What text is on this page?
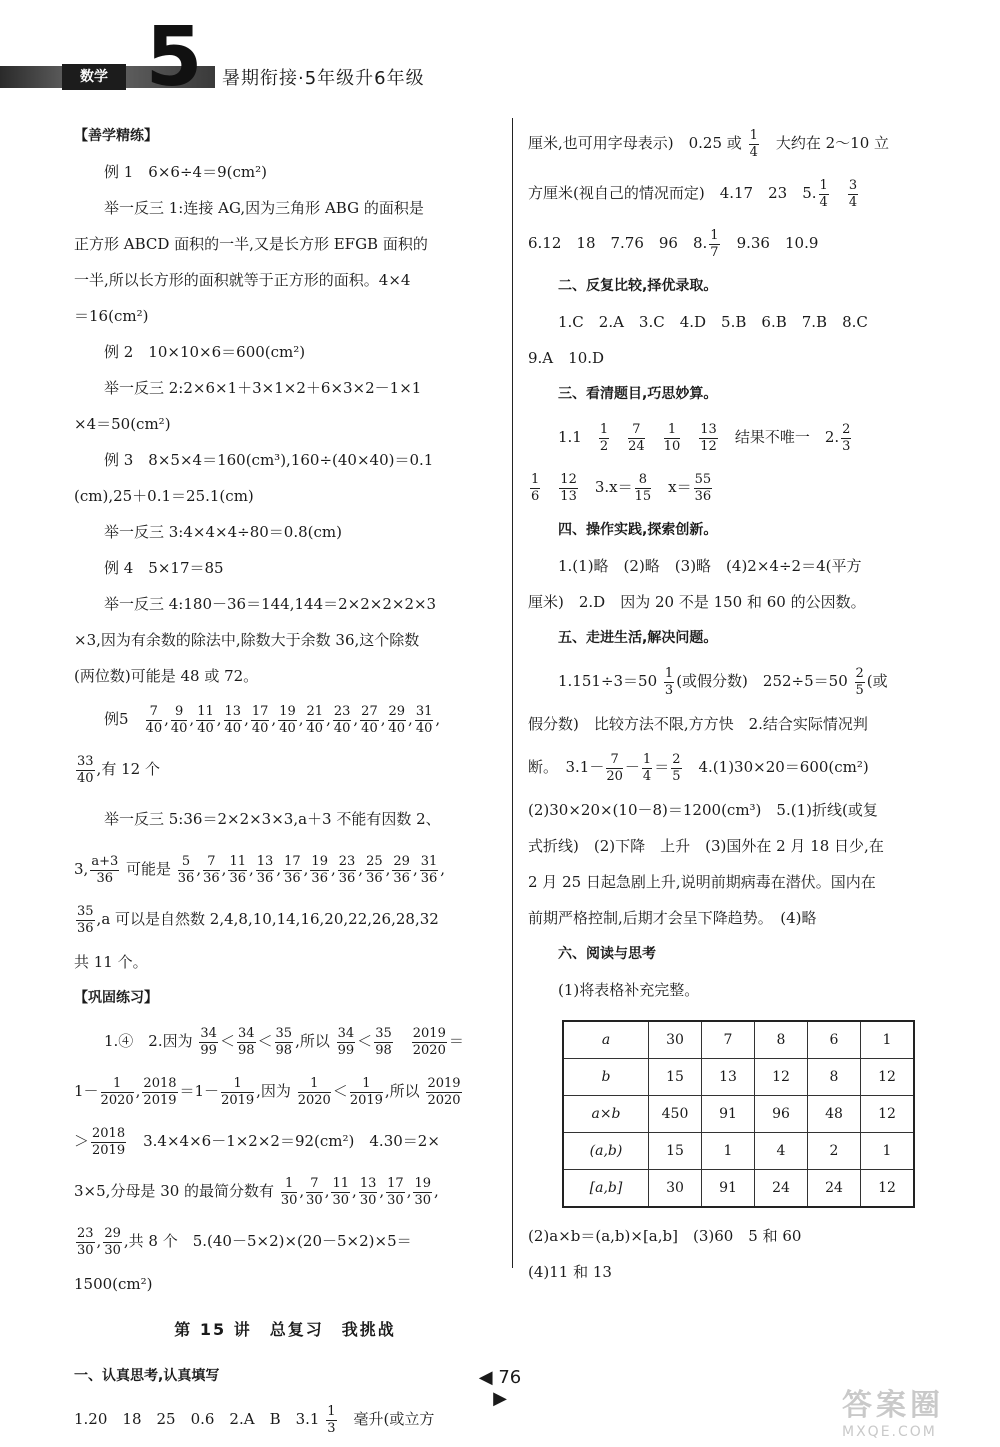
数学 5	暑期衔接·5年级升6年级
【善学精练】
例 1　6×6÷4＝9(cm²)
举一反三 1:连接 AG,因为三角形 ABG 的面积是
正方形 ABCD 面积的一半,又是长方形 EFGB 面积的
一半,所以长方形的面积就等于正方形的面积。4×4
＝16(cm²)
例 2　10×10×6＝600(cm²)
举一反三 2:2×6×1＋3×1×2＋6×3×2－1×1
×4＝50(cm²)
例 3　8×5×4＝160(cm³),160÷(40×40)＝0.1
(cm),25＋0.1＝25.1(cm)
举一反三 3:4×4×4÷80＝0.8(cm)
例 4　5×17＝85
举一反三 4:180－36＝144,144＝2×2×2×2×3
×3,因为有余数的除法中,除数大于余数 36,这个除数
(两位数)可能是 48 或 72。
例5　 $\frac{7}{40}$ , $\frac{9}{40}$ , $\frac{11}{40}$ , $\frac{13}{40}$ , $\frac{17}{40}$ , $\frac{19}{40}$ , $\frac{21}{40}$ , $\frac{23}{40}$ , $\frac{27}{40}$ , $\frac{29}{40}$ , $\frac{31}{40}$ ,
$\frac{33}{40}$ ,有 12 个
举一反三 5:36＝2×2×3×3,a＋3 不能有因数 2、
3, $\frac{a+3}{36}$ 可能是 $\frac{5}{36}$ , $\frac{7}{36}$ , $\frac{11}{36}$ , $\frac{13}{36}$ , $\frac{17}{36}$ , $\frac{19}{36}$ , $\frac{23}{36}$ , $\frac{25}{36}$ , $\frac{29}{36}$ , $\frac{31}{36}$ ,
$\frac{35}{36} ,a$ 可以是自然数 2,4,8,10,14,16,20,22,26,28,32
共 11 个。
【巩固练习】
1.④　2.因为 $\frac{34}{99} < \frac{34}{98} < \frac{35}{98}$ ,所以 $\frac{34}{99} < \frac{35}{98}$
　 $\frac{2019}{2020}$ ＝
$1- \frac{1}{2020}$ , $\frac{2018}{2019} =1- \frac{1}{2019}$ ,因为 $\frac{1}{2020} < \frac{1}{2019}$ ,所以 $\frac{2019}{2020}$
＞ $\frac{2018}{2019}$ 　3.4×4×6－1×2×2＝92(cm²)　4.30＝2×
3×5,分母是 30 的最简分数有 $\frac{1}{30}$ , $\frac{7}{30}$ , $\frac{11}{30}$ , $\frac{13}{30}$ , $\frac{17}{30}$ , $\frac{19}{30}$ ,
$\frac{23}{30}$ , $\frac{29}{30}$ ,共 8 个　5.(40－5×2)×(20－5×2)×5＝
1500(cm²)
第 15 讲　总复习　我挑战
一、认真思考,认真填写
1.20　18　25　0.6　2.A　B　$3.1 \frac{1}{3}$ 　毫升(或立方
厘米,也可用字母表示)　0.25 或 $\frac{1}{4}$ 　大约在 2～10 立
方厘米(视自己的情况而定)　4.17　23　5. $\frac{1}{4}$
　 $\frac{3}{4}$
6.12　18　7.76　96　8. $\frac{1}{7}$ 　9.36　10.9
二、反复比较,择优录取。
1.C　2.A　3.C　4.D　5.B　6.B　7.B　8.C
9.A　10.D
三、看清题目,巧思妙算。
1.1　 $\frac{1}{2}$
　 $\frac{7}{24}$
　 $\frac{1}{10}$
　 $\frac{13}{12}$ 　结果不唯一　2. $\frac{2}{3}$
$\frac{1}{6}$
　 $\frac{12}{13}$ 　$3.x= \frac{8}{15}$ 　$x= \frac{55}{36}$
四、操作实践,探索创新。
1.(1)略　(2)略　(3)略　(4)2×4÷2＝4(平方
厘米)　2.D　因为 20 不是 150 和 60 的公因数。
五、走进生活,解决问题。
$1.151\div 3=50 \frac{1}{3}$ (或假分数)　$252\div 5=50 \frac{2}{5}$ (或
假分数)　比较方法不限,方方快　2.结合实际情况判
断。　$3.1- \frac{7}{20} - \frac{1}{4} = \frac{2}{5}$ 　4.(1)30×20＝600(cm²)
(2)30×20×(10－8)＝1200(cm³)　5.(1)折线(或复
式折线)　(2)下降　上升　(3)国外在 2 月 18 日少,在
2 月 25 日起急剧上升,说明前期病毒在潜伏。国内在
前期严格控制,后期才会呈下降趋势。　(4)略
六、阅读与思考
(1)将表格补充完整。
a	30	7	8	6	1
b	15	13	12	8	12
a×b	450	91	96	48	12
(a,b)	15	1	4	2	1
[a,b]	30	91	24	24	12
(2)a×b＝(a,b)×[a,b]　(3)60　5 和 60
(4)11 和 13
◀ 76 ▶	答案圈
MXQE.COM
